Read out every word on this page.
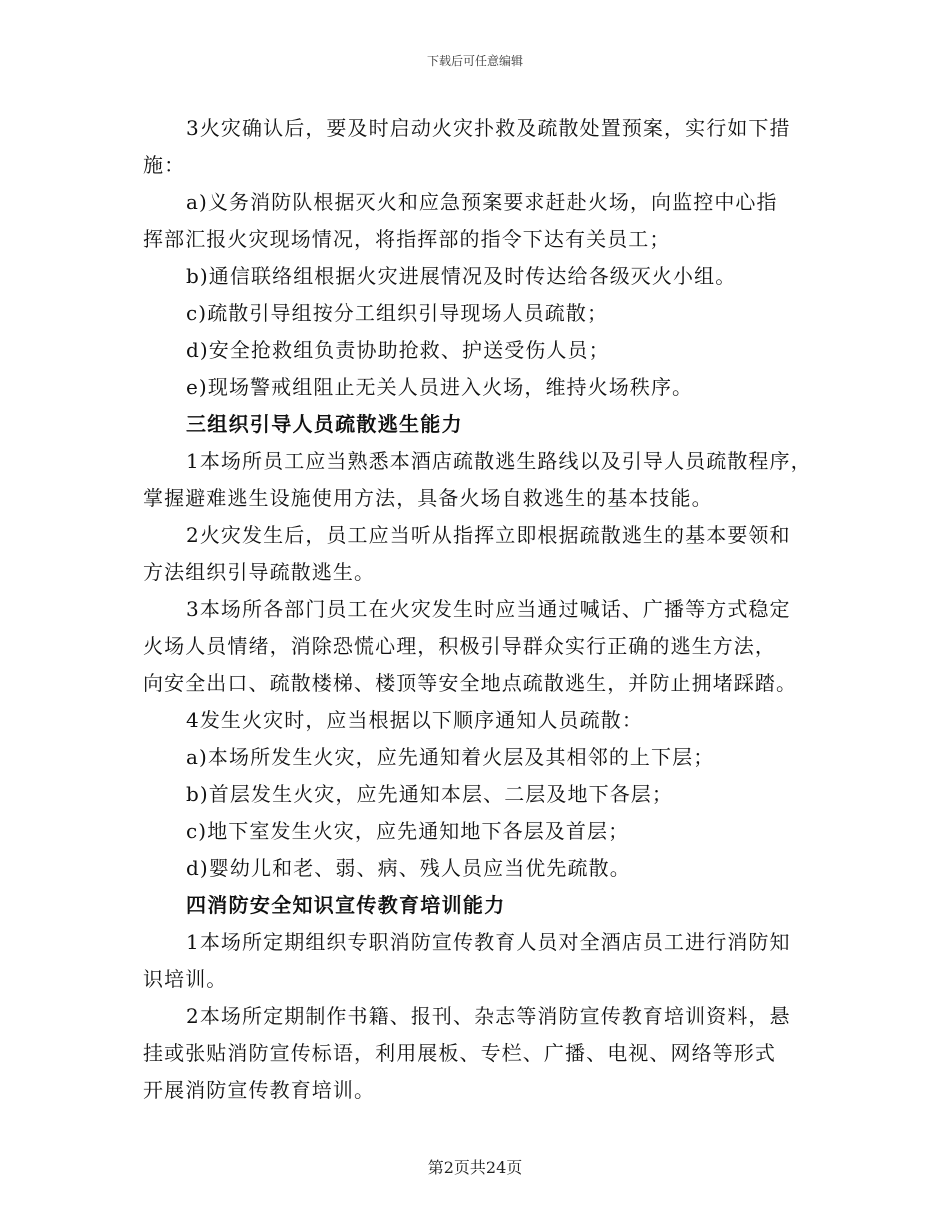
下载后可任意编辑
3火灾确认后，要及时启动火灾扑救及疏散处置预案，实行如下措
施：
a)义务消防队根据灭火和应急预案要求赶赴火场，向监控中心指
挥部汇报火灾现场情况，将指挥部的指令下达有关员工；
b)通信联络组根据火灾进展情况及时传达给各级灭火小组。
c)疏散引导组按分工组织引导现场人员疏散；
d)安全抢救组负责协助抢救、护送受伤人员；
e)现场警戒组阻止无关人员进入火场，维持火场秩序。
三组织引导人员疏散逃生能力
1本场所员工应当熟悉本酒店疏散逃生路线以及引导人员疏散程序，
掌握避难逃生设施使用方法，具备火场自救逃生的基本技能。
2火灾发生后，员工应当听从指挥立即根据疏散逃生的基本要领和
方法组织引导疏散逃生。
3本场所各部门员工在火灾发生时应当通过喊话、广播等方式稳定
火场人员情绪，消除恐慌心理，积极引导群众实行正确的逃生方法，
向安全出口、疏散楼梯、楼顶等安全地点疏散逃生，并防止拥堵踩踏。
4发生火灾时，应当根据以下顺序通知人员疏散：
a)本场所发生火灾，应先通知着火层及其相邻的上下层；
b)首层发生火灾，应先通知本层、二层及地下各层；
c)地下室发生火灾，应先通知地下各层及首层；
d)婴幼儿和老、弱、病、残人员应当优先疏散。
四消防安全知识宣传教育培训能力
1本场所定期组织专职消防宣传教育人员对全酒店员工进行消防知
识培训。
2本场所定期制作书籍、报刊、杂志等消防宣传教育培训资料，悬
挂或张贴消防宣传标语，利用展板、专栏、广播、电视、网络等形式
开展消防宣传教育培训。
第2页共24页
